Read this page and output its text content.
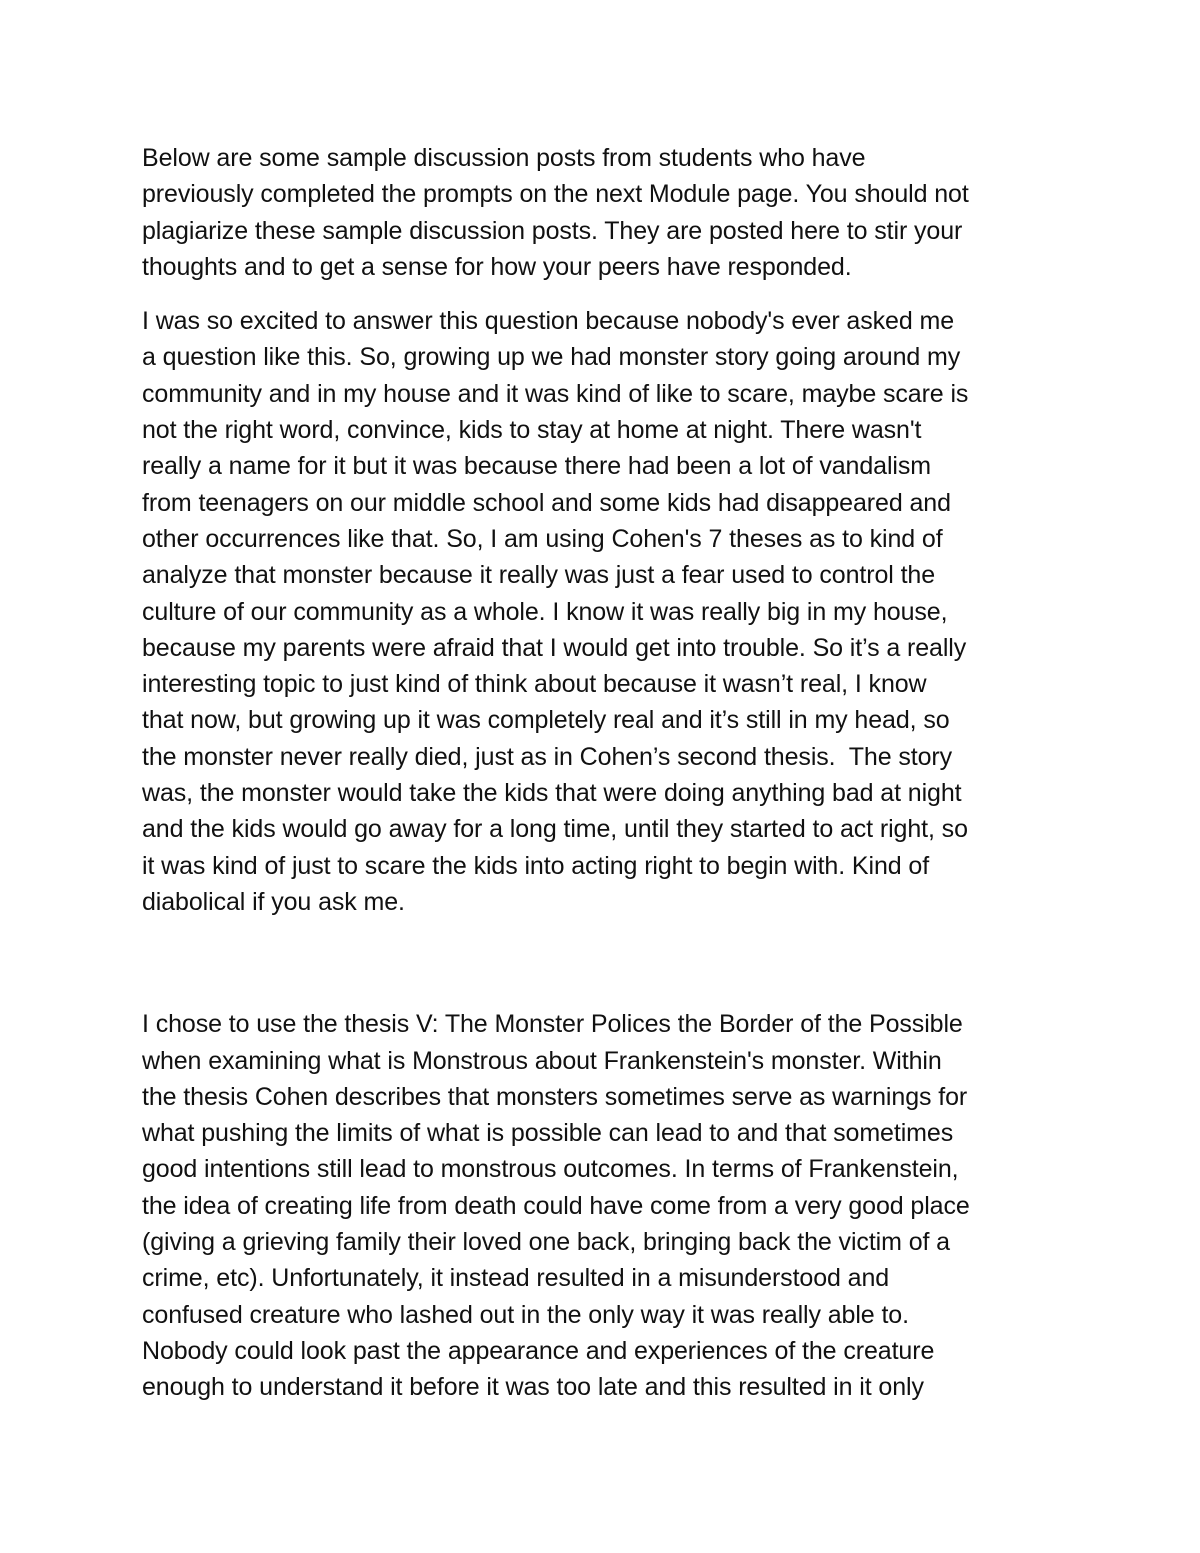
Below are some sample discussion posts from students who have
previously completed the prompts on the next Module page. You should not
plagiarize these sample discussion posts. They are posted here to stir your
thoughts and to get a sense for how your peers have responded.

I was so excited to answer this question because nobody's ever asked me
a question like this. So, growing up we had monster story going around my
community and in my house and it was kind of like to scare, maybe scare is
not the right word, convince, kids to stay at home at night. There wasn't
really a name for it but it was because there had been a lot of vandalism
from teenagers on our middle school and some kids had disappeared and
other occurrences like that. So, I am using Cohen's 7 theses as to kind of
analyze that monster because it really was just a fear used to control the
culture of our community as a whole. I know it was really big in my house,
because my parents were afraid that I would get into trouble. So it’s a really
interesting topic to just kind of think about because it wasn’t real, I know
that now, but growing up it was completely real and it’s still in my head, so
the monster never really died, just as in Cohen’s second thesis.  The story
was, the monster would take the kids that were doing anything bad at night
and the kids would go away for a long time, until they started to act right, so
it was kind of just to scare the kids into acting right to begin with. Kind of
diabolical if you ask me.

I chose to use the thesis V: The Monster Polices the Border of the Possible
when examining what is Monstrous about Frankenstein's monster. Within
the thesis Cohen describes that monsters sometimes serve as warnings for
what pushing the limits of what is possible can lead to and that sometimes
good intentions still lead to monstrous outcomes. In terms of Frankenstein,
the idea of creating life from death could have come from a very good place
(giving a grieving family their loved one back, bringing back the victim of a
crime, etc). Unfortunately, it instead resulted in a misunderstood and
confused creature who lashed out in the only way it was really able to.
Nobody could look past the appearance and experiences of the creature
enough to understand it before it was too late and this resulted in it only
